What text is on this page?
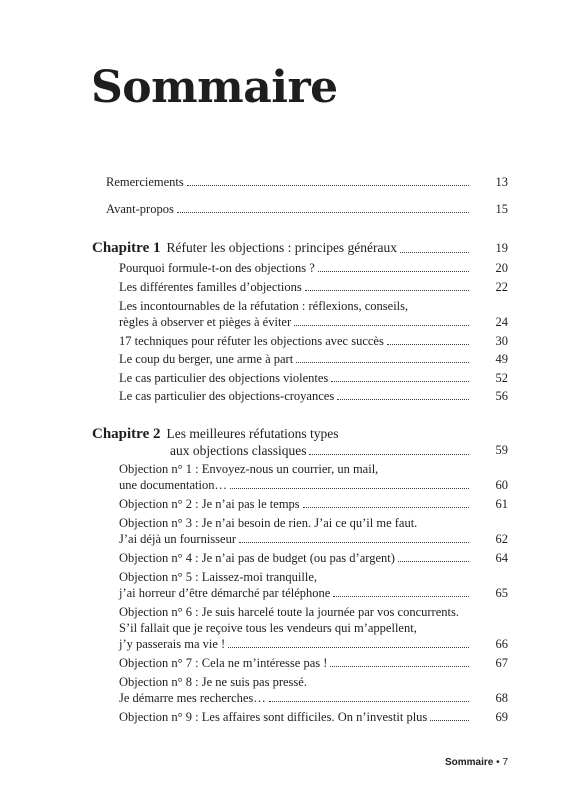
Sommaire
Remerciements	13
Avant-propos	15
Chapitre 1 Réfuter les objections : principes généraux	19
Pourquoi formule-t-on des objections ?	20
Les différentes familles d’objections	22
Les incontournables de la réfutation : réflexions, conseils,
règles à observer et pièges à éviter	24
17 techniques pour réfuter les objections avec succès	30
Le coup du berger, une arme à part	49
Le cas particulier des objections violentes	52
Le cas particulier des objections-croyances	56
Chapitre 2 Les meilleures réfutations types
aux objections classiques	59
Objection n° 1 : Envoyez-nous un courrier, un mail,
une documentation…	60
Objection n° 2 : Je n’ai pas le temps	61
Objection n° 3 : Je n’ai besoin de rien. J’ai ce qu’il me faut.
J’ai déjà un fournisseur	62
Objection n° 4 : Je n’ai pas de budget (ou pas d’argent)	64
Objection n° 5 : Laissez-moi tranquille,
j’ai horreur d’être démarché par téléphone	65
Objection n° 6 : Je suis harcelé toute la journée par vos concurrents.
S’il fallait que je reçoive tous les vendeurs qui m’appellent,
j’y passerais ma vie !	66
Objection n° 7 : Cela ne m’intéresse pas !	67
Objection n° 8 : Je ne suis pas pressé.
Je démarre mes recherches…	68
Objection n° 9 : Les affaires sont difficiles. On n’investit plus	69
Sommaire • 7
